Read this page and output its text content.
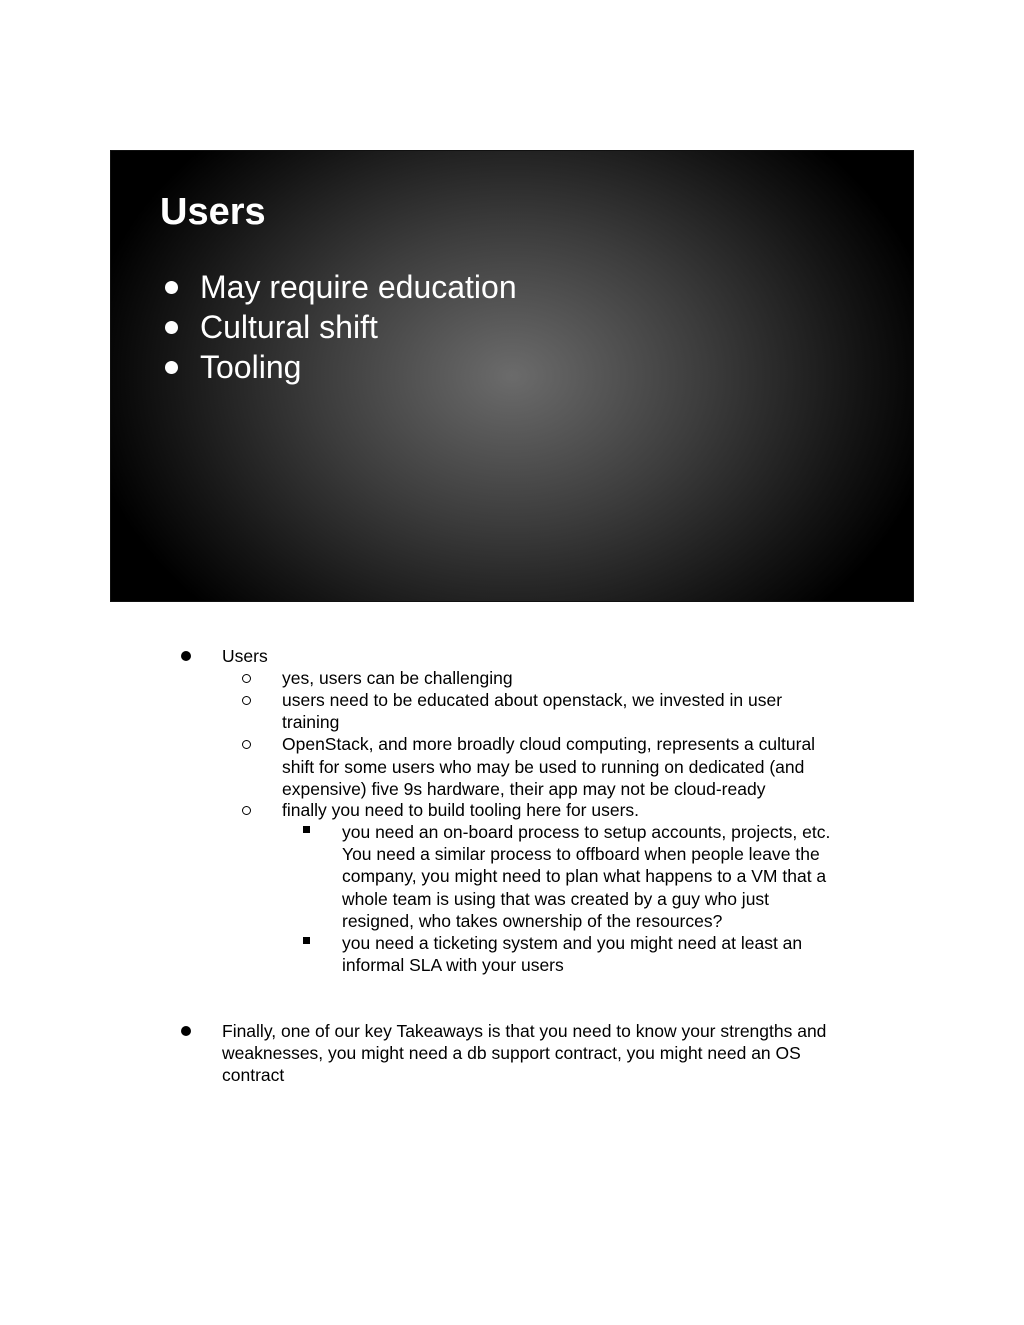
Users
May require education
Cultural shift
Tooling
Users
yes, users can be challenging
users need to be educated about openstack, we invested in user
training
OpenStack, and more broadly cloud computing, represents a cultural
shift for some users who may be used to running on dedicated (and
expensive) five 9s hardware, their app may not be cloud-ready
finally you need to build tooling here for users.
you need an on-board process to setup accounts, projects, etc.
You need a similar process to offboard when people leave the
company, you might need to plan what happens to a VM that a
whole team is using that was created by a guy who just
resigned, who takes ownership of the resources?
you need a ticketing system and you might need at least an
informal SLA with your users
Finally, one of our key Takeaways is that you need to know your strengths and
weaknesses, you might need a db support contract, you might need an OS
contract
